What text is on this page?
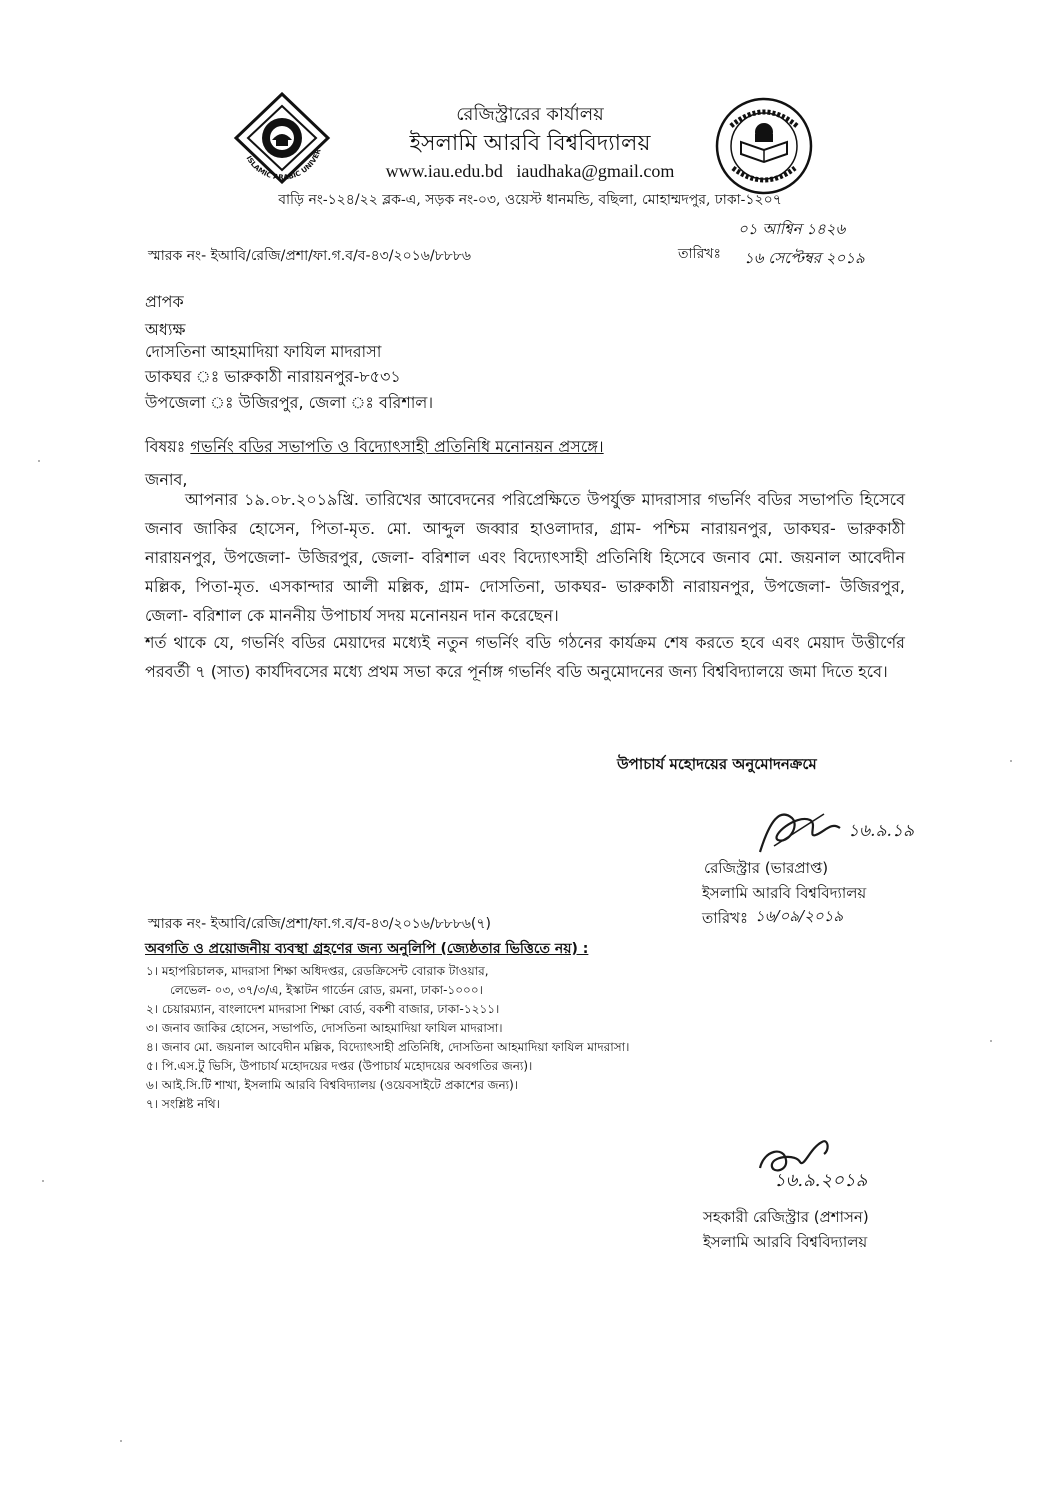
ISLAMIC ARABIC UNIVER
রেজিস্ট্রারের কার্যালয়
ইসলামি আরবি বিশ্ববিদ্যালয়
www.iau.edu.bd iaudhaka@gmail.com
বাড়ি নং-১২৪/২২ ব্লক-এ, সড়ক নং-০৩, ওয়েস্ট ধানমন্ডি, বছিলা, মোহাম্মদপুর, ঢাকা-১২০৭
স্মারক নং- ইআবি/রেজি/প্রশা/ফা.গ.ব/ব-৪৩/২০১৬/৮৮৮৬	তারিখঃ
০১ আশ্বিন ১৪২৬
১৬ সেপ্টেম্বর ২০১৯
প্রাপক
অধ্যক্ষ
দোসতিনা আহমাদিয়া ফাযিল মাদরাসা
ডাকঘর ঃ ভারুকাঠী নারায়নপুর-৮৫৩১
উপজেলা ঃ উজিরপুর, জেলা ঃ বরিশাল।
বিষয়ঃ গভর্নিং বডির সভাপতি ও বিদ্যোৎসাহী প্রতিনিধি মনোনয়ন প্রসঙ্গে।
জনাব,
আপনার ১৯.০৮.২০১৯খ্রি. তারিখের আবেদনের পরিপ্রেক্ষিতে উপর্যুক্ত মাদরাসার গভর্নিং বডির সভাপতি হিসেবে জনাব জাকির হোসেন, পিতা-মৃত. মো. আব্দুল জব্বার হাওলাদার, গ্রাম- পশ্চিম নারায়নপুর, ডাকঘর- ভারুকাঠী নারায়নপুর, উপজেলা- উজিরপুর, জেলা- বরিশাল এবং বিদ্যোৎসাহী প্রতিনিধি হিসেবে জনাব মো. জয়নাল আবেদীন মল্লিক, পিতা-মৃত. এসকান্দার আলী মল্লিক, গ্রাম- দোসতিনা, ডাকঘর- ভারুকাঠী নারায়নপুর, উপজেলা- উজিরপুর, জেলা- বরিশাল কে মাননীয় উপাচার্য সদয় মনোনয়ন দান করেছেন।
শর্ত থাকে যে, গভর্নিং বডির মেয়াদের মধ্যেই নতুন গভর্নিং বডি গঠনের কার্যক্রম শেষ করতে হবে এবং মেয়াদ উত্তীর্ণের পরবর্তী ৭ (সাত) কার্যদিবসের মধ্যে প্রথম সভা করে পূর্নাঙ্গ গভর্নিং বডি অনুমোদনের জন্য বিশ্ববিদ্যালয়ে জমা দিতে হবে।
উপাচার্য মহোদয়ের অনুমোদনক্রমে
১৬.৯.১৯
রেজিস্ট্রার (ভারপ্রাপ্ত)
ইসলামি আরবি বিশ্ববিদ্যালয়
তারিখঃ ১৬/০৯/২০১৯
স্মারক নং- ইআবি/রেজি/প্রশা/ফা.গ.ব/ব-৪৩/২০১৬/৮৮৮৬(৭)
অবগতি ও প্রয়োজনীয় ব্যবস্থা গ্রহণের জন্য অনুলিপি (জ্যেষ্ঠতার ভিত্তিতে নয়) :
১। মহাপরিচালক, মাদরাসা শিক্ষা অধিদপ্তর, রেডক্রিসেন্ট বোরাক টাওয়ার,
লেভেল- ০৩, ৩৭/৩/এ, ইস্কাটন গার্ডেন রোড, রমনা, ঢাকা-১০০০।
২। চেয়ারম্যান, বাংলাদেশ মাদরাসা শিক্ষা বোর্ড, বকশী বাজার, ঢাকা-১২১১।
৩। জনাব জাকির হোসেন, সভাপতি, দোসতিনা আহমাদিয়া ফাযিল মাদরাসা।
৪। জনাব মো. জয়নাল আবেদীন মল্লিক, বিদ্যোৎসাহী প্রতিনিধি, দোসতিনা আহমাদিয়া ফাযিল মাদরাসা।
৫। পি.এস.টু ভিসি, উপাচার্য মহোদয়ের দপ্তর (উপাচার্য মহোদয়ের অবগতির জন্য)।
৬। আই.সি.টি শাখা, ইসলামি আরবি বিশ্ববিদ্যালয় (ওয়েবসাইটে প্রকাশের জন্য)।
৭। সংশ্লিষ্ট নথি।
১৬.৯.২০১৯
সহকারী রেজিস্ট্রার (প্রশাসন)
ইসলামি আরবি বিশ্ববিদ্যালয়
